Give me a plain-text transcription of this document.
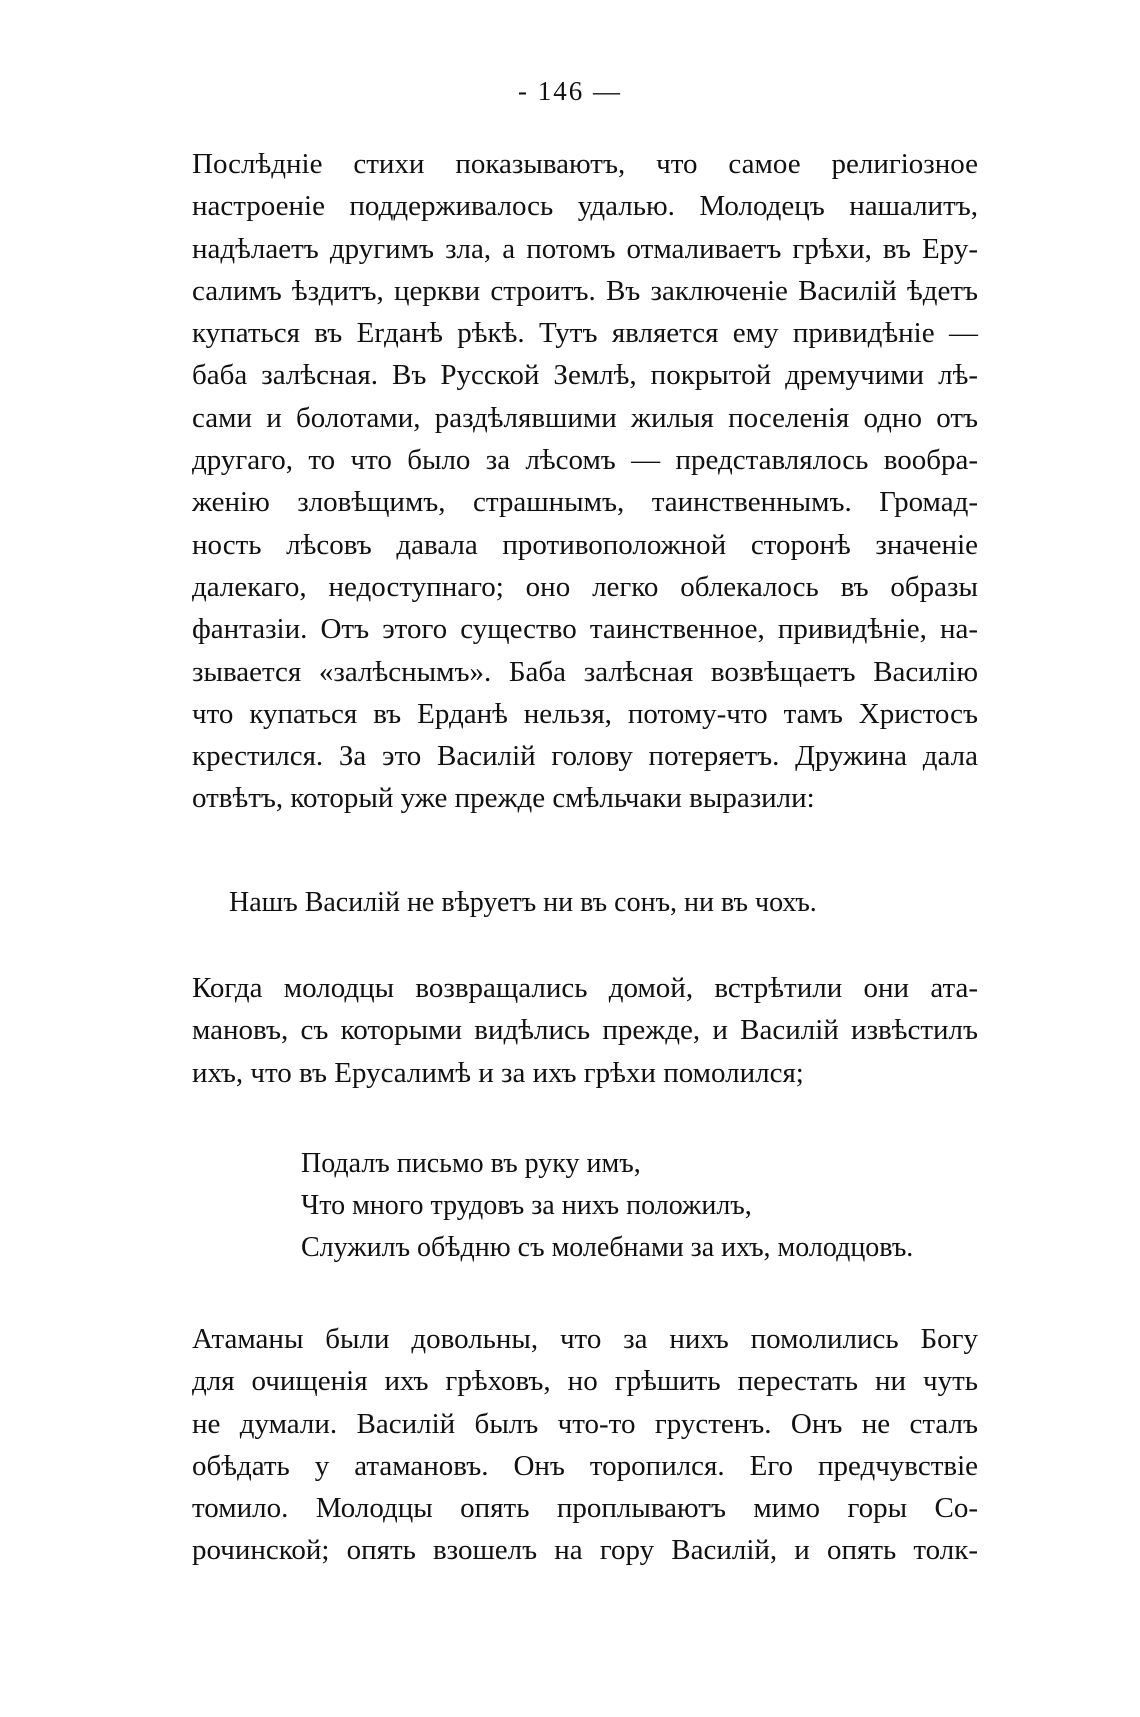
- 146 —

Послѣдніе стихи показываютъ, что самое религіозное
настроеніе поддерживалось удалью. Молодецъ нашалитъ,
надѣлаетъ другимъ зла, а потомъ отмаливаетъ грѣхи, въ Еру-
салимъ ѣздитъ, церкви строитъ. Въ заключеніе Василій ѣдетъ
купаться въ Erданѣ рѣкѣ. Тутъ является ему привидѣніе —
баба залѣсная. Въ Русской Землѣ, покрытой дремучими лѣ-
сами и болотами, раздѣлявшими жилыя поселенія одно отъ
другаго, то что было за лѣсомъ — представлялось вообра-
женію зловѣщимъ, страшнымъ, таинственнымъ. Громад-
ность лѣсовъ давала противоположной сторонѣ значеніе
далекаго, недоступнаго; оно легко облекалось въ образы
фантазіи. Отъ этого существо таинственное, привидѣніе, на-
зывается «залѣснымъ». Баба залѣсная возвѣщаетъ Василію
что купаться въ Ерданѣ нельзя, потому-что тамъ Христосъ
крестился. За это Василій голову потеряетъ. Дружина дала
отвѣтъ, который уже прежде смѣльчаки выразили:

Нашъ Василій не вѣруетъ ни въ сонъ, ни въ чохъ.

Когда молодцы возвращались домой, встрѣтили они ата-
мановъ, съ которыми видѣлись прежде, и Василій извѣстилъ
ихъ, что въ Ерусалимѣ и за ихъ грѣхи помолился;

Подалъ письмо въ руку имъ,
Что много трудовъ за нихъ положилъ,
Служилъ обѣдню съ молебнами за ихъ, молодцовъ.

Атаманы были довольны, что за нихъ помолились Богу
для очищенія ихъ грѣховъ, но грѣшить перестать ни чуть
не думали. Василій былъ что-то грустенъ. Онъ не сталъ
обѣдать у атамановъ. Онъ торопился. Его предчувствіе
томило. Молодцы опять проплываютъ мимо горы Со-
рочинской; опять взошелъ на гору Василій, и опять толк-
